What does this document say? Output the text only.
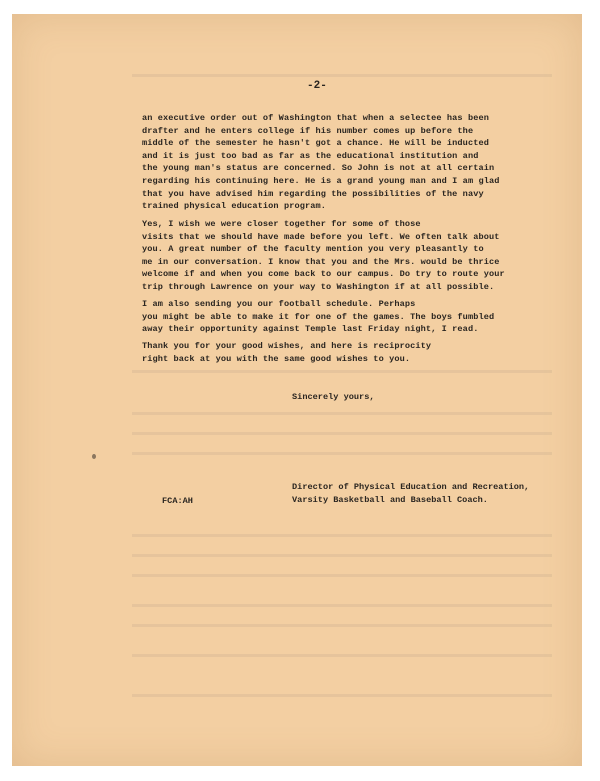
-2-

an executive order out of Washington that when a selectee has been
drafter and he enters college if his number comes up before the
middle of the semester he hasn't got a chance. He will be inducted
and it is just too bad as far as the educational institution and
the young man's status are concerned. So John is not at all certain
regarding his continuing here. He is a grand young man and I am glad
that you have advised him regarding the possibilities of the navy
trained physical education program.

Yes, I wish we were closer together for some of those
visits that we should have made before you left. We often talk about
you. A great number of the faculty mention you very pleasantly to
me in our conversation. I know that you and the Mrs. would be thrice
welcome if and when you come back to our campus. Do try to route your
trip through Lawrence on your way to Washington if at all possible.

I am also sending you our football schedule. Perhaps
you might be able to make it for one of the games. The boys fumbled
away their opportunity against Temple last Friday night, I read.

Thank you for your good wishes, and here is reciprocity
right back at you with the same good wishes to you.

Sincerely yours,

FCA:AH

Director of Physical Education and Recreation,
Varsity Basketball and Baseball Coach.
